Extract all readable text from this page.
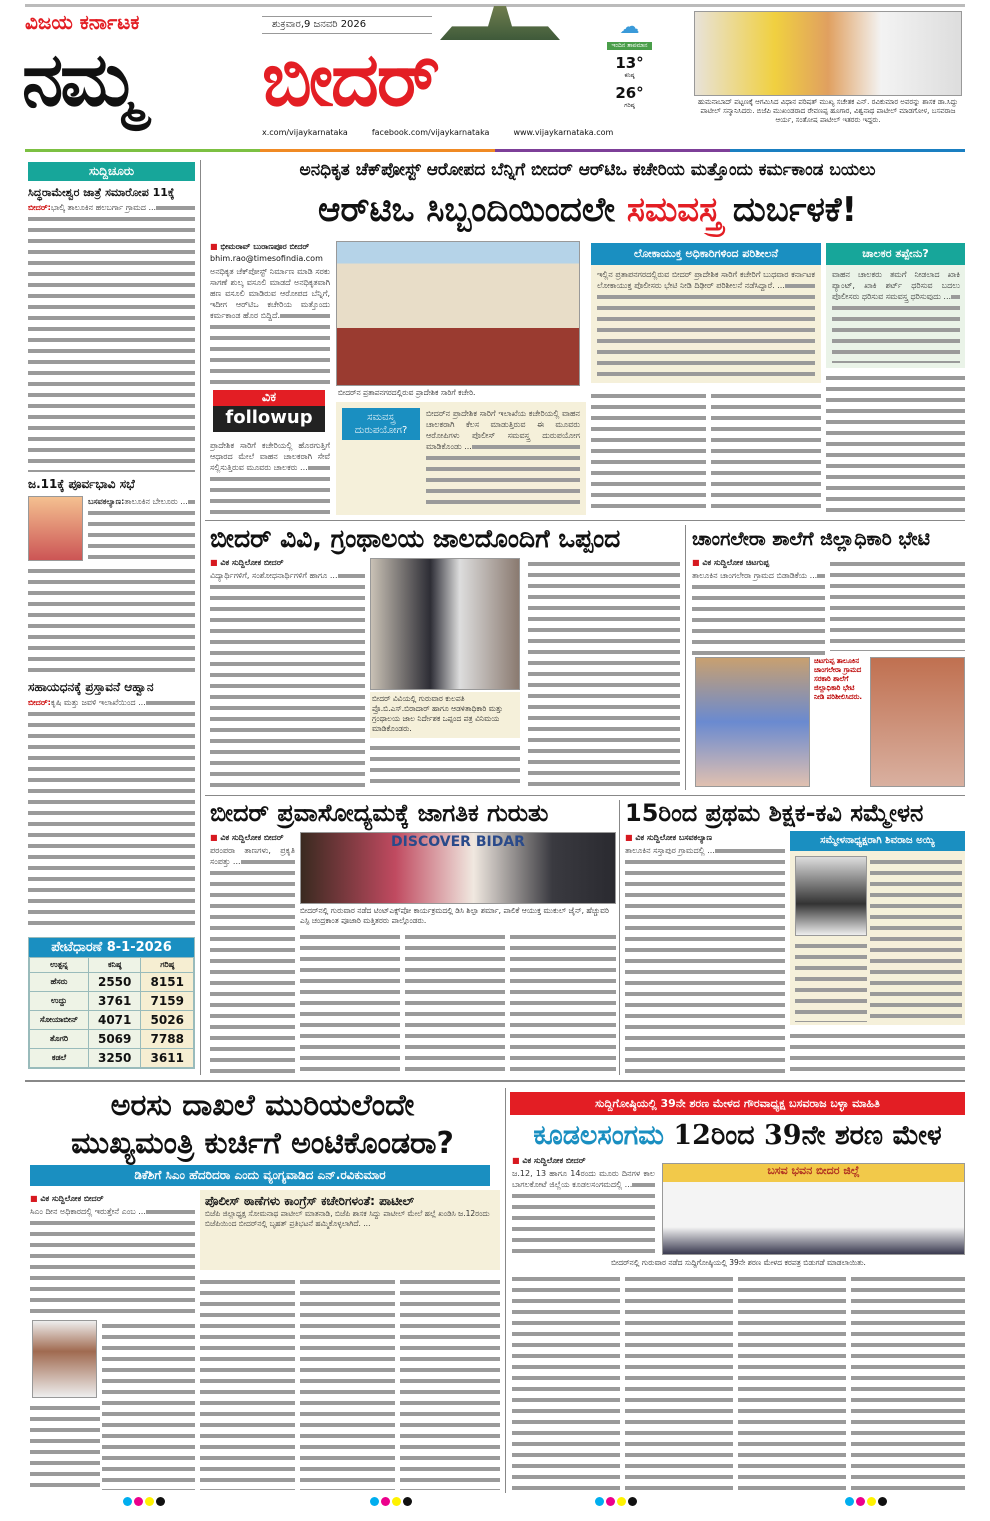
ವಿಜಯ ಕರ್ನಾಟಕ
ನಮ್ಮ
ಶುಕ್ರವಾರ,9 ಜನವರಿ 2026
ಬೀದರ್
x.com/vijaykarnataka	facebook.com/vijaykarnataka	www.vijaykarnataka.com
☁
ಇಂದಿನ ತಾಪಮಾನ
13°
ಕನಿಷ್ಠ
26°
ಗರಿಷ್ಠ	ಹುಮನಾಬಾದ್ ಪಟ್ಟಣಕ್ಕೆ ಆಗಮಿಸಿದ ವಿಧಾನ ಪರಿಷತ್ ಮುಖ್ಯ ಸಚೇತಕ ಎನ್. ರವಿಕುಮಾರ ಅವರನ್ನು ಶಾಸಕ ಡಾ.ಸಿದ್ದು ಪಾಟೀಲ್ ಸನ್ಮಾನಿಸಿದರು. ಬಿಜೆಪಿ ಮುಖಂಡರಾದ ರೇವಣಪ್ಪ ಹೂಗಾರ, ವಿಶ್ವನಾಥ ಪಾಟೀಲ್ ಮಾಡಗೋಳ, ಬಸವರಾಜ ಆರ್ಯ, ಸಂತೋಷ ಪಾಟೀಲ್ ಇತರರು ಇದ್ದರು.
ಸುದ್ದಿಚೂರು
ಸಿದ್ಧರಾಮೇಶ್ವರ ಜಾತ್ರೆ ಸಮಾರೋಪ 11ಕ್ಕೆ
ಬೀದರ್:ಭಾಲ್ಕಿ ತಾಲೂಕಿನ ಹಲಬರ್ಗಾ ಗ್ರಾಮದ ...
ಜ.11ಕ್ಕೆ ಪೂರ್ವಭಾವಿ ಸಭೆ
ಬಸವಕಲ್ಯಾಣ:ತಾಲೂಕಿನ ಬೇಲೂರು ...
ಸಹಾಯಧನಕ್ಕೆ ಪ್ರಸ್ತಾವನೆ ಆಹ್ವಾನ
ಬೀದರ್:ಕೃಷಿ ಮತ್ತು ಜವಳಿ ಇಲಾಖೆಯಿಂದ ...
ಪೇಟೆಧಾರಣೆ 8-1-2026
ಉತ್ಪನ್ನ	ಕನಿಷ್ಠ	ಗರಿಷ್ಠ
ಹೆಸರು	2550	8151
ಉದ್ದು	3761	7159
ಸೋಯಾಬೀನ್	4071	5026
ತೊಗರಿ	5069	7788
ಕಡಲೆ	3250	3611
ಅನಧಿಕೃತ ಚೆಕ್‌ಪೋಸ್ಟ್ ಆರೋಪದ ಬೆನ್ನಿಗೆ ಬೀದರ್ ಆರ್‌ಟಿಒ ಕಚೇರಿಯ ಮತ್ತೊಂದು ಕರ್ಮಕಾಂಡ ಬಯಲು
ಆರ್‌ಟಿಒ ಸಿಬ್ಬಂದಿಯಿಂದಲೇ ಸಮವಸ್ತ್ರ ದುರ್ಬಳಕೆ!
■ ಭೀಮರಾವ್ ಬುರಾಣಪೂರ ಬೀದರ್
bhim.rao@timesofindia.com
ಅನಧಿಕೃತ ಚೆಕ್‌ಪೋಸ್ಟ್ ನಿರ್ಮಾಣ ಮಾಡಿ ಸರಕು ಸಾಗಣೆ ಶುಲ್ಕ ವಸೂಲಿ ಮಾಡದೆ ಅನಧಿಕೃತವಾಗಿ ಹಣ ವಸೂಲಿ ಮಾಡಿರುವ ಆರೋಪದ ಬೆನ್ನಿಗೆ, ಇದೀಗ ಆರ್‌ಟಿಒ ಕಚೇರಿಯ ಮತ್ತೊಂದು ಕರ್ಮಕಾಂಡ ಹೊರ ಬಿದ್ದಿದೆ.
ಬೀದರ್‌ನ ಪ್ರತಾಪನಗರದಲ್ಲಿರುವ ಪ್ರಾದೇಶಿಕ ಸಾರಿಗೆ ಕಚೇರಿ.
ವಿಕ
followup
ಪ್ರಾದೇಶಿಕ ಸಾರಿಗೆ ಕಚೇರಿಯಲ್ಲಿ ಹೊರಗುತ್ತಿಗೆ ಆಧಾರದ ಮೇಲೆ ವಾಹನ ಚಾಲಕರಾಗಿ ಸೇವೆ ಸಲ್ಲಿಸುತ್ತಿರುವ ಮೂವರು ಚಾಲಕರು ...
ಸಮವಸ್ತ್ರ ದುರುಪಯೋಗ?
ಬೀದರ್‌ನ ಪ್ರಾದೇಶಿಕ ಸಾರಿಗೆ ಇಲಾಖೆಯ ಕಚೇರಿಯಲ್ಲಿ ವಾಹನ ಚಾಲಕರಾಗಿ ಕೆಲಸ ಮಾಡುತ್ತಿರುವ ಈ ಮೂವರು ಆರೋಪಿಗಳು ಪೊಲೀಸ್ ಸಮವಸ್ತ್ರ ದುರುಪಯೋಗ ಮಾಡಿಕೊಂಡು ...
ಲೋಕಾಯುಕ್ತ ಅಧಿಕಾರಿಗಳಿಂದ ಪರಿಶೀಲನೆ
ಇಲ್ಲಿನ ಪ್ರತಾಪನಗರದಲ್ಲಿರುವ ಬೀದರ್ ಪ್ರಾದೇಶಿಕ ಸಾರಿಗೆ ಕಚೇರಿಗೆ ಬುಧವಾರ ಕರ್ನಾಟಕ ಲೋಕಾಯುಕ್ತ ಪೊಲೀಸರು ಭೇಟಿ ನೀಡಿ ದಿಢೀರ್ ಪರಿಶೀಲನೆ ನಡೆಸಿದ್ದಾರೆ. ...
ಚಾಲಕರ ತಪ್ಪೇನು?
ವಾಹನ ಚಾಲಕರು ತಮಗೆ ನೀಡಲಾದ ಖಾಕಿ ಪ್ಯಾಂಟ್, ಖಾಕಿ ಶರ್ಟ್ ಧರಿಸುವ ಬದಲು ಪೊಲೀಸರು ಧರಿಸುವ ಸಮವಸ್ತ್ರ ಧರಿಸುವುದು ...
ಬೀದರ್ ವಿವಿ, ಗ್ರಂಥಾಲಯ ಜಾಲದೊಂದಿಗೆ ಒಪ್ಪಂದ
■ ವಿಕ ಸುದ್ದಿಲೋಕ ಬೀದರ್
ವಿದ್ಯಾರ್ಥಿಗಳಿಗೆ, ಸಂಶೋಧನಾರ್ಥಿಗಳಿಗೆ ಹಾಗೂ ...
ಬೀದರ್ ವಿವಿಯಲ್ಲಿ ಗುರುವಾರ ಕುಲಪತಿ ಪ್ರೊ.ಬಿ.ಎಸ್.ಬಿರಾದಾರ್ ಹಾಗೂ ಆಡಳಿತಾಧಿಕಾರಿ ಮತ್ತು ಗ್ರಂಥಾಲಯ ಜಾಲ ನಿರ್ದೇಶಕ ಒಪ್ಪಂದ ಪತ್ರ ವಿನಿಮಯ ಮಾಡಿಕೊಂಡರು.
ಚಾಂಗಲೇರಾ ಶಾಲೆಗೆ ಜಿಲ್ಲಾಧಿಕಾರಿ ಭೇಟಿ
■ ವಿಕ ಸುದ್ದಿಲೋಕ ಚಿಟಗುಪ್ಪ
ತಾಲೂಕಿನ ಚಾಂಗಲೇರಾ ಗ್ರಾಮದ ಬಿಡಾಡಿಕೆಯ ...
ಚಿಟಗುಪ್ಪ ತಾಲೂಕಿನ ಚಾಂಗಲೇರಾ ಗ್ರಾಮದ ಸರಕಾರಿ ಶಾಲೆಗೆ ಜಿಲ್ಲಾಧಿಕಾರಿ ಭೇಟಿ ನೀಡಿ ಪರಿಶೀಲಿಸಿದರು.
ಬೀದರ್ ಪ್ರವಾಸೋದ್ಯಮಕ್ಕೆ ಜಾಗತಿಕ ಗುರುತು
■ ವಿಕ ಸುದ್ದಿಲೋಕ ಬೀದರ್
ಪರಂಪರಾ ತಾಣಗಳು, ಪ್ರಕೃತಿ ಸಂಪತ್ತು ...
DISCOVER BIDAR
ಬೀದರ್‌ನಲ್ಲಿ ಗುರುವಾರ ನಡೆದ ಟಿಂಟ್‌ಎಕ್ಸ್‌ಪೋ ಕಾರ್ಯಕ್ರಮದಲ್ಲಿ ಡಿಸಿ ಶಿಲ್ಪಾ ಶರ್ಮಾ, ಪಾಲಿಕೆ ಆಯುಕ್ತ ಮುಕುಲ್ ಜೈನ್, ಹೆಚ್ಚುವರಿ ಎಸ್ಪಿ ಚಂದ್ರಕಾಂತ ಪೂಜಾರಿ ಮತ್ತಿತರರು ಪಾಲ್ಗೊಂಡರು.
15ರಿಂದ ಪ್ರಥಮ ಶಿಕ್ಷಕ-ಕವಿ ಸಮ್ಮೇಳನ
■ ವಿಕ ಸುದ್ದಿಲೋಕ ಬಸವಕಲ್ಯಾಣ
ತಾಲೂಕಿನ ಸಸ್ತಾಪುರ ಗ್ರಾಮದಲ್ಲಿ ...
ಸಮ್ಮೇಳನಾಧ್ಯಕ್ಷರಾಗಿ ಶಿವರಾಜ ಅಯ್ಯಿ
ಅರಸು ದಾಖಲೆ ಮುರಿಯಲೆಂದೇ
ಮುಖ್ಯಮಂತ್ರಿ ಕುರ್ಚಿಗೆ ಅಂಟಿಕೊಂಡರಾ?
ಡಿಕೆಶಿಗೆ ಸಿಎಂ ಹೆದರಿದರಾ ಎಂದು ವ್ಯಂಗ್ಯವಾಡಿದ ಎನ್.ರವಿಕುಮಾರ
■ ವಿಕ ಸುದ್ದಿಲೋಕ ಬೀದರ್
ಸಿಎಂ ದೀನ ಅಧಿಕಾರದಲ್ಲಿ ಇರುತ್ತೇನೆ ಎಂಬ ...
ಪೊಲೀಸ್ ಠಾಣೆಗಳು ಕಾಂಗ್ರೆಸ್ ಕಚೇರಿಗಳಂತೆ: ಪಾಟೀಲ್
ಬಿಜೆಪಿ ಜಿಲ್ಲಾಧ್ಯಕ್ಷ ಸೋಮನಾಥ ಪಾಟೀಲ್ ಮಾತನಾಡಿ, ಬಿಜೆಪಿ ಶಾಸಕ ಸಿದ್ದು ಪಾಟೀಲ್ ಮೇಲೆ ಹಲ್ಲೆ ಖಂಡಿಸಿ ಜ.12ರಂದು ಬಿಜೆಪಿಯಿಂದ ಬೀದರ್‌ನಲ್ಲಿ ಬೃಹತ್ ಪ್ರತಿಭಟನೆ ಹಮ್ಮಿಕೊಳ್ಳಲಾಗಿದೆ. ...
ಸುದ್ದಿಗೋಷ್ಠಿಯಲ್ಲಿ 39ನೇ ಶರಣ ಮೇಳದ ಗೌರವಾಧ್ಯಕ್ಷ ಬಸವರಾಜ ಬಳ್ಳಾ ಮಾಹಿತಿ
ಕೂಡಲಸಂಗಮ 12ರಿಂದ 39ನೇ ಶರಣ ಮೇಳ
■ ವಿಕ ಸುದ್ದಿಲೋಕ ಬೀದರ್
ಜ.12, 13 ಹಾಗೂ 14ರಂದು ಮೂರು ದಿನಗಳ ಕಾಲ ಬಾಗಲಕೋಟೆ ಜಿಲ್ಲೆಯ ಕೂಡಲಸಂಗಮದಲ್ಲಿ ...
ಬಸವ ಭವನ ಬೀದರ ಜಿಲ್ಲೆ
ಬೀದರ್‌ನಲ್ಲಿ ಗುರುವಾರ ನಡೆದ ಸುದ್ದಿಗೋಷ್ಠಿಯಲ್ಲಿ 39ನೇ ಶರಣ ಮೇಳದ ಕರಪತ್ರ ಬಿಡುಗಡೆ ಮಾಡಲಾಯಿತು.
